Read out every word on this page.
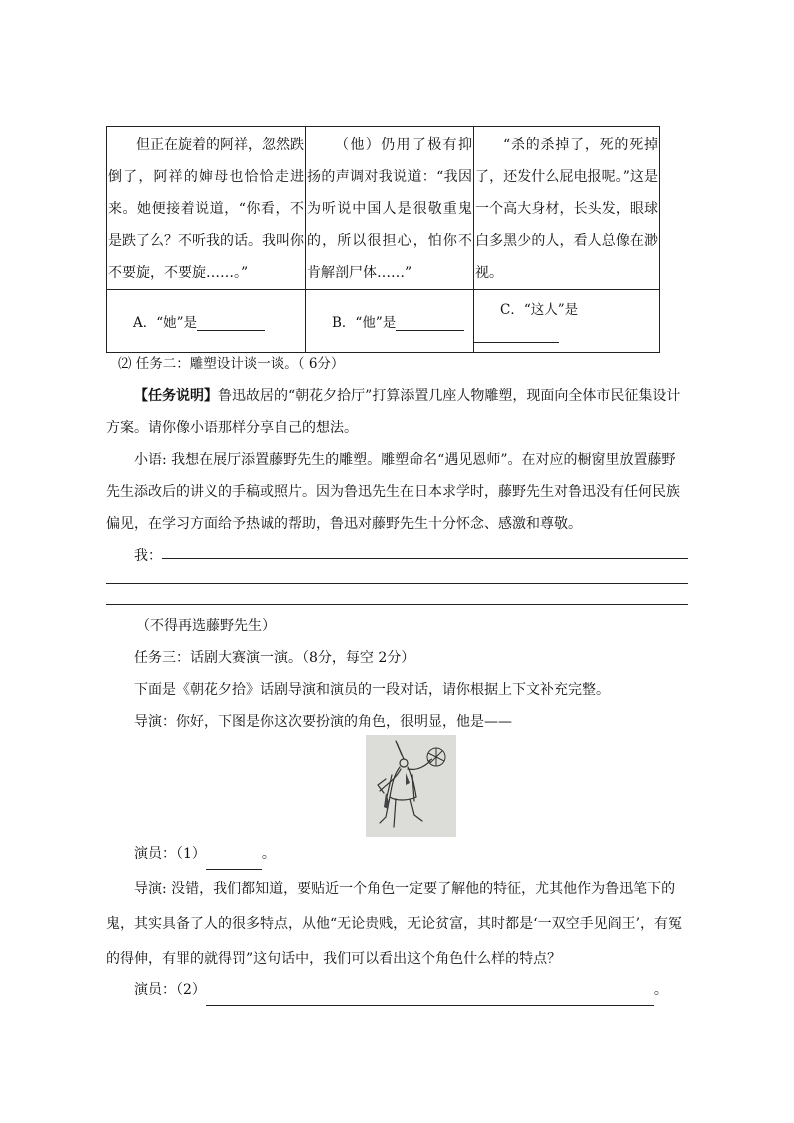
但正在旋着的阿祥，忽然跌倒了，阿祥的婶母也恰恰走进来。她便接着说道，“你看，不是跌了么？不听我的话。我叫你不要旋，不要旋……。”	（他）仍用了极有抑扬的声调对我说道：“我因为听说中国人是很敬重鬼的，所以很担心，怕你不肯解剖尸体……”	“杀的杀掉了，死的死掉了，还发什么屁电报呢。”这是一个高大身材，长头发，眼球白多黑少的人，看人总像在渺视。

A．“她”是	B．“他”是	C．“这人”是
⑵ 任务二：雕塑设计谈一谈。（ 6分）
【任务说明】鲁迅故居的“朝花夕拾厅”打算添置几座人物雕塑，现面向全体市民征集设计方案。请你像小语那样分享自己的想法。
小语: 我想在展厅添置藤野先生的雕塑。雕塑命名“遇见恩师”。在对应的橱窗里放置藤野先生添改后的讲义的手稿或照片。因为鲁迅先生在日本求学时，藤野先生对鲁迅没有任何民族偏见，在学习方面给予热诚的帮助，鲁迅对藤野先生十分怀念、感激和尊敬。
我：
（不得再选藤野先生）
任务三：话剧大赛演一演。（8分，每空 2分）
下面是《朝花夕拾》话剧导演和演员的一段对话，请你根据上下文补充完整。
导演：你好，下图是你这次要扮演的角色，很明显，他是——
演员：（1）	。
导演: 没错，我们都知道，要贴近一个角色一定要了解他的特征，尤其他作为鲁迅笔下的鬼，其实具备了人的很多特点，从他“无论贵贱，无论贫富，其时都是‘一双空手见阎王’，有冤的得伸，有罪的就得罚”这句话中，我们可以看出这个角色什么样的特点？
演员：（2）	。
